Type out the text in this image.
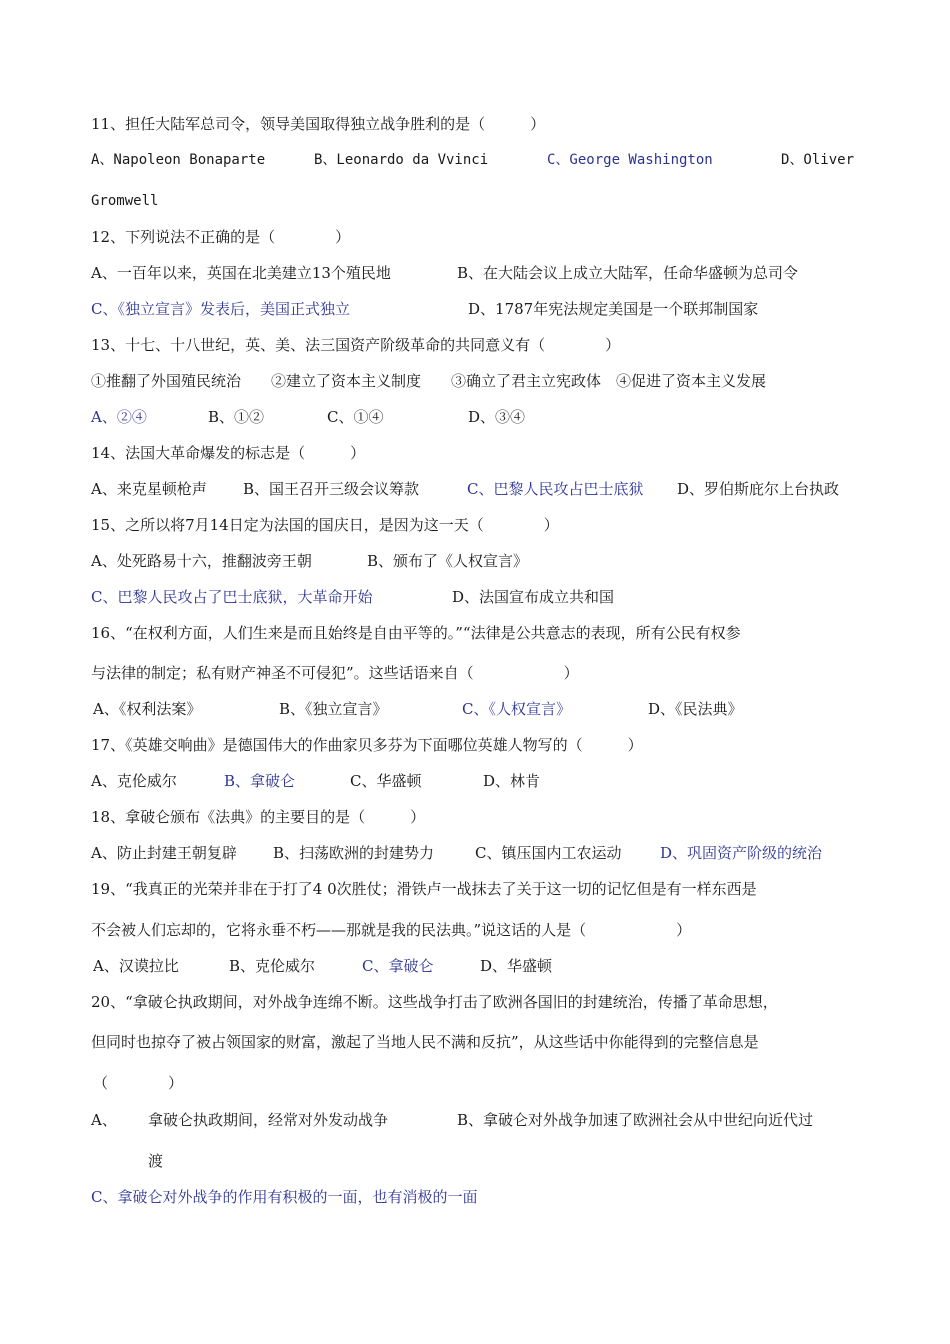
11、担任大陆军总司令，领导美国取得独立战争胜利的是（　　　）
A、Napoleon Bonaparte	B、Leonardo da Vvinci	C、George Washington	D、Oliver
Gromwell
12、下列说法不正确的是（　　　　）
A、一百年以来，英国在北美建立13个殖民地	B、在大陆会议上成立大陆军，任命华盛顿为总司令
C、《独立宣言》发表后，美国正式独立	D、1787年宪法规定美国是一个联邦制国家
13、十七、十八世纪，英、美、法三国资产阶级革命的共同意义有（　　　　）
①推翻了外国殖民统治　　②建立了资本主义制度　　③确立了君主立宪政体　④促进了资本主义发展
A、②④	B、①②	C、①④	D、③④
14、法国大革命爆发的标志是（　　　）
A、来克星顿枪声 B、国王召开三级会议筹款	C、巴黎人民攻占巴士底狱 D、罗伯斯庇尔上台执政
15、之所以将7月14日定为法国的国庆日，是因为这一天（　　　　）
A、处死路易十六，推翻波旁王朝	B、颁布了《人权宣言》
C、巴黎人民攻占了巴士底狱，大革命开始	D、法国宣布成立共和国
16、“在权利方面，人们生来是而且始终是自由平等的。”“法律是公共意志的表现，所有公民有权参
与法律的制定；私有财产神圣不可侵犯”。这些话语来自（　　　　　　）
A、《权利法案》	B、《独立宣言》	C、《人权宣言》	D、《民法典》
17、《英雄交响曲》是德国伟大的作曲家贝多芬为下面哪位英雄人物写的（　　　）
A、克伦威尔	B、拿破仑	C、华盛顿	D、林肯
18、拿破仑颁布《法典》的主要目的是（　　　）
A、防止封建王朝复辟 B、扫荡欧洲的封建势力	C、镇压国内工农运动	D、巩固资产阶级的统治
19、“我真正的光荣并非在于打了4 0次胜仗；滑铁卢一战抹去了关于这一切的记忆但是有一样东西是
不会被人们忘却的，它将永垂不朽——那就是我的民法典。”说这话的人是（　　　　　　）
A、汉谟拉比	B、克伦威尔	C、拿破仑	D、华盛顿
20、“拿破仑执政期间，对外战争连绵不断。这些战争打击了欧洲各国旧的封建统治，传播了革命思想，
但同时也掠夺了被占领国家的财富，激起了当地人民不满和反抗”，从这些话中你能得到的完整信息是
（　　　　）
A、 拿破仑执政期间，经常对外发动战争	B、拿破仑对外战争加速了欧洲社会从中世纪向近代过
渡
C、拿破仑对外战争的作用有积极的一面，也有消极的一面
